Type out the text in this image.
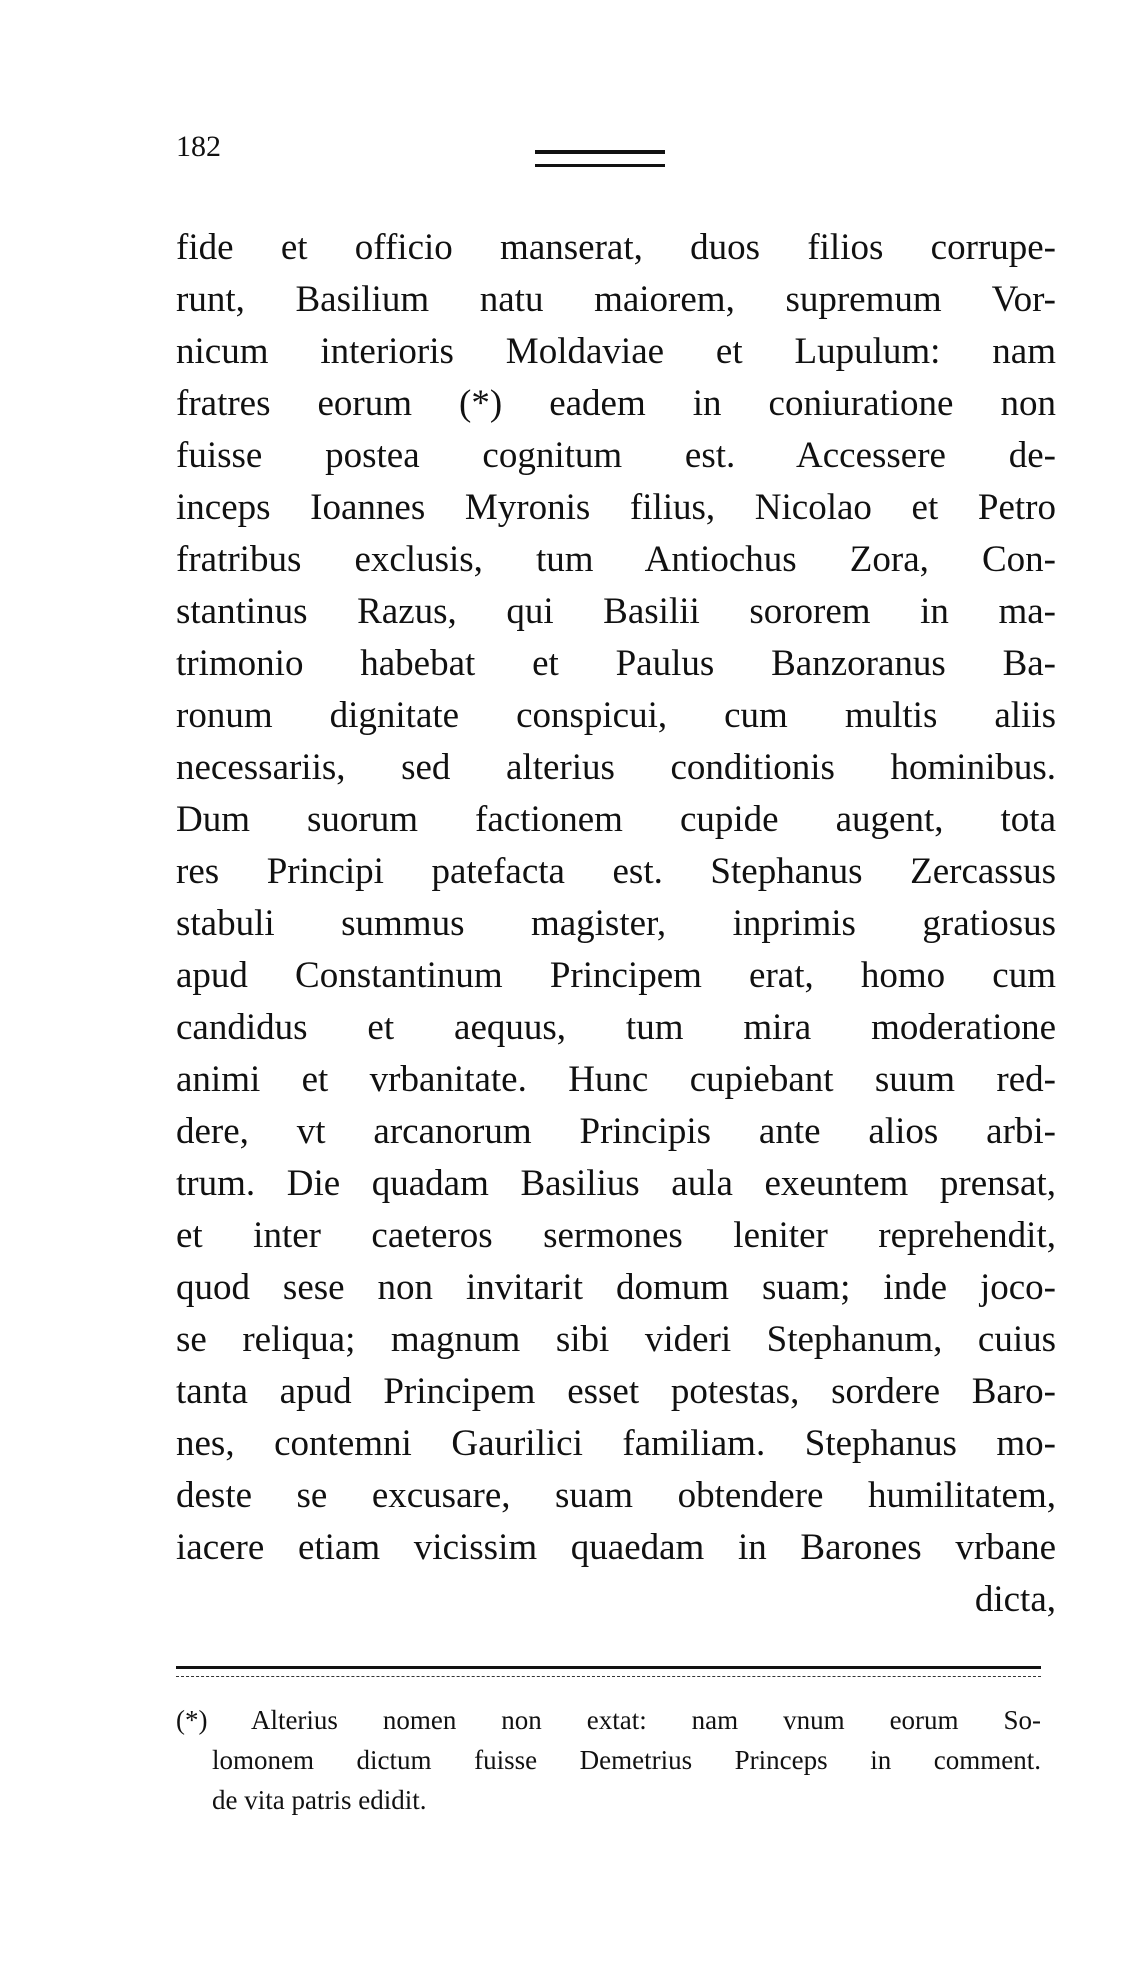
182
fide et officio manserat, duos filios corrupe-
runt, Basilium natu maiorem, supremum Vor-
nicum interioris Moldaviae et Lupulum: nam
fratres eorum (*) eadem in coniuratione non
fuisse postea cognitum est. Accessere de-
inceps Ioannes Myronis filius, Nicolao et Petro
fratribus exclusis, tum Antiochus Zora, Con-
stantinus Razus, qui Basilii sororem in ma-
trimonio habebat et Paulus Banzoranus Ba-
ronum dignitate conspicui, cum multis aliis
necessariis, sed alterius conditionis hominibus.
Dum suorum factionem cupide augent, tota
res Principi patefacta est. Stephanus Zercassus
stabuli summus magister, inprimis gratiosus
apud Constantinum Principem erat, homo cum
candidus et aequus, tum mira moderatione
animi et vrbanitate. Hunc cupiebant suum red-
dere, vt arcanorum Principis ante alios arbi-
trum. Die quadam Basilius aula exeuntem prensat,
et inter caeteros sermones leniter reprehendit,
quod sese non invitarit domum suam; inde joco-
se reliqua; magnum sibi videri Stephanum, cuius
tanta apud Principem esset potestas, sordere Baro-
nes, contemni Gaurilici familiam. Stephanus mo-
deste se excusare, suam obtendere humilitatem,
iacere etiam vicissim quaedam in Barones vrbane
dicta,
(*) Alterius nomen non extat: nam vnum eorum So-
lomonem dictum fuisse Demetrius Princeps in comment.
de vita patris edidit.
